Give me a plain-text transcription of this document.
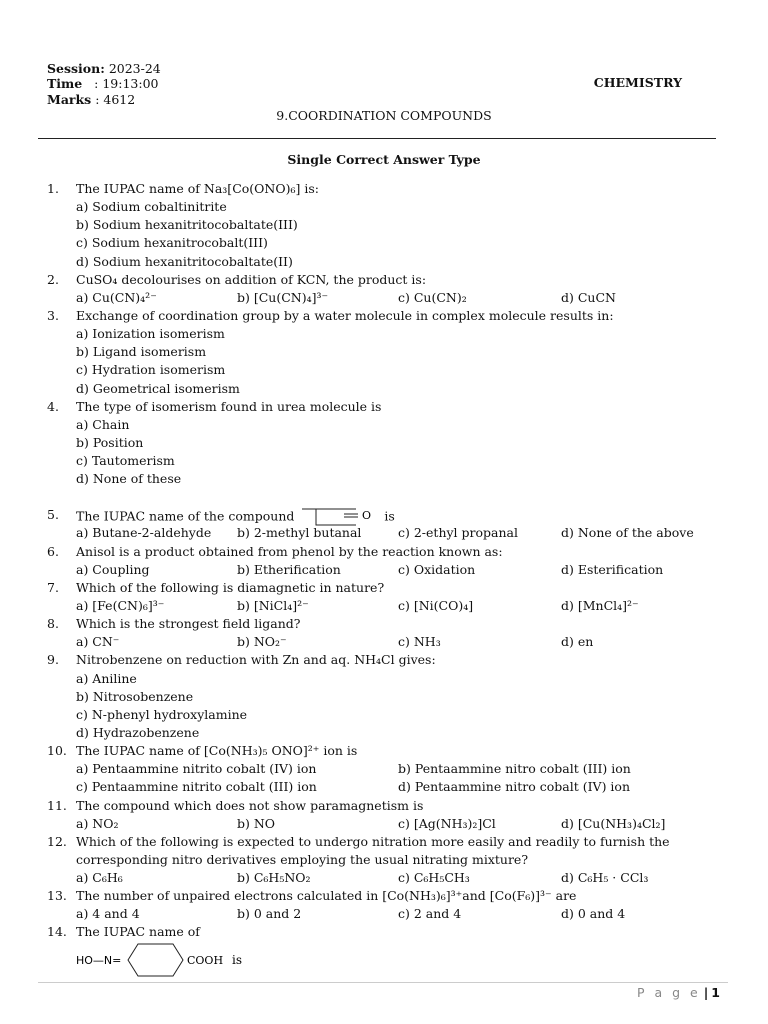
Session: 2023-24
Time   : 19:13:00
Marks : 4612
CHEMISTRY
9.COORDINATION COMPOUNDS
Single Correct Answer Type
1.	The IUPAC name of Na₃[Co(ONO)₆] is:
a) Sodium cobaltinitrite
b) Sodium hexanitritocobaltate(III)
c) Sodium hexanitrocobalt(III)
d) Sodium hexanitritocobaltate(II)
2.	CuSO₄ decolourises on addition of KCN, the product is:
a) Cu(CN)₄²⁻	b) [Cu(CN)₄]³⁻	c) Cu(CN)₂	d) CuCN
3.	Exchange of coordination group by a water molecule in complex molecule results in:
a) Ionization isomerism
b) Ligand isomerism
c) Hydration isomerism
d) Geometrical isomerism
4.	The type of isomerism found in urea molecule is
a) Chain
b) Position
c) Tautomerism
d) None of these
5.	The IUPAC name of the compound	O is
a) Butane-2-aldehyde b) 2-methyl butanal	c) 2-ethyl propanal	d) None of the above
6.	Anisol is a product obtained from phenol by the reaction known as:
a) Coupling	b) Etherification	c) Oxidation	d) Esterification
7.	Which of the following is diamagnetic in nature?
a) [Fe(CN)₆]³⁻	b) [NiCl₄]²⁻	c) [Ni(CO)₄]	d) [MnCl₄]²⁻
8.	Which is the strongest field ligand?
a) CN⁻	b) NO₂⁻	c) NH₃	d) en
9.	Nitrobenzene on reduction with Zn and aq. NH₄Cl gives:
a) Aniline
b) Nitrosobenzene
c) N-phenyl hydroxylamine
d) Hydrazobenzene
10. The IUPAC name of [Co(NH₃)₅ ONO]²⁺ ion is
a) Pentaammine nitrito cobalt (IV) ion	b) Pentaammine nitro cobalt (III) ion
c) Pentaammine nitrito cobalt (III) ion	d) Pentaammine nitro cobalt (IV) ion
11. The compound which does not show paramagnetism is
a) NO₂	b) NO	c) [Ag(NH₃)₂]Cl	d) [Cu(NH₃)₄Cl₂]
12. Which of the following is expected to undergo nitration more easily and readily to furnish the
corresponding nitro derivatives employing the usual nitrating mixture?
a) C₆H₆	b) C₆H₅NO₂	c) C₆H₅CH₃	d) C₆H₅ · CCl₃
13. The number of unpaired electrons calculated in [Co(NH₃)₆]³⁺and [Co(F₆)]³⁻ are
a) 4 and 4	b) 0 and 2	c) 2 and 4	d) 0 and 4
14. The IUPAC name of
HO—N=	COOH is
P a g e | 1
